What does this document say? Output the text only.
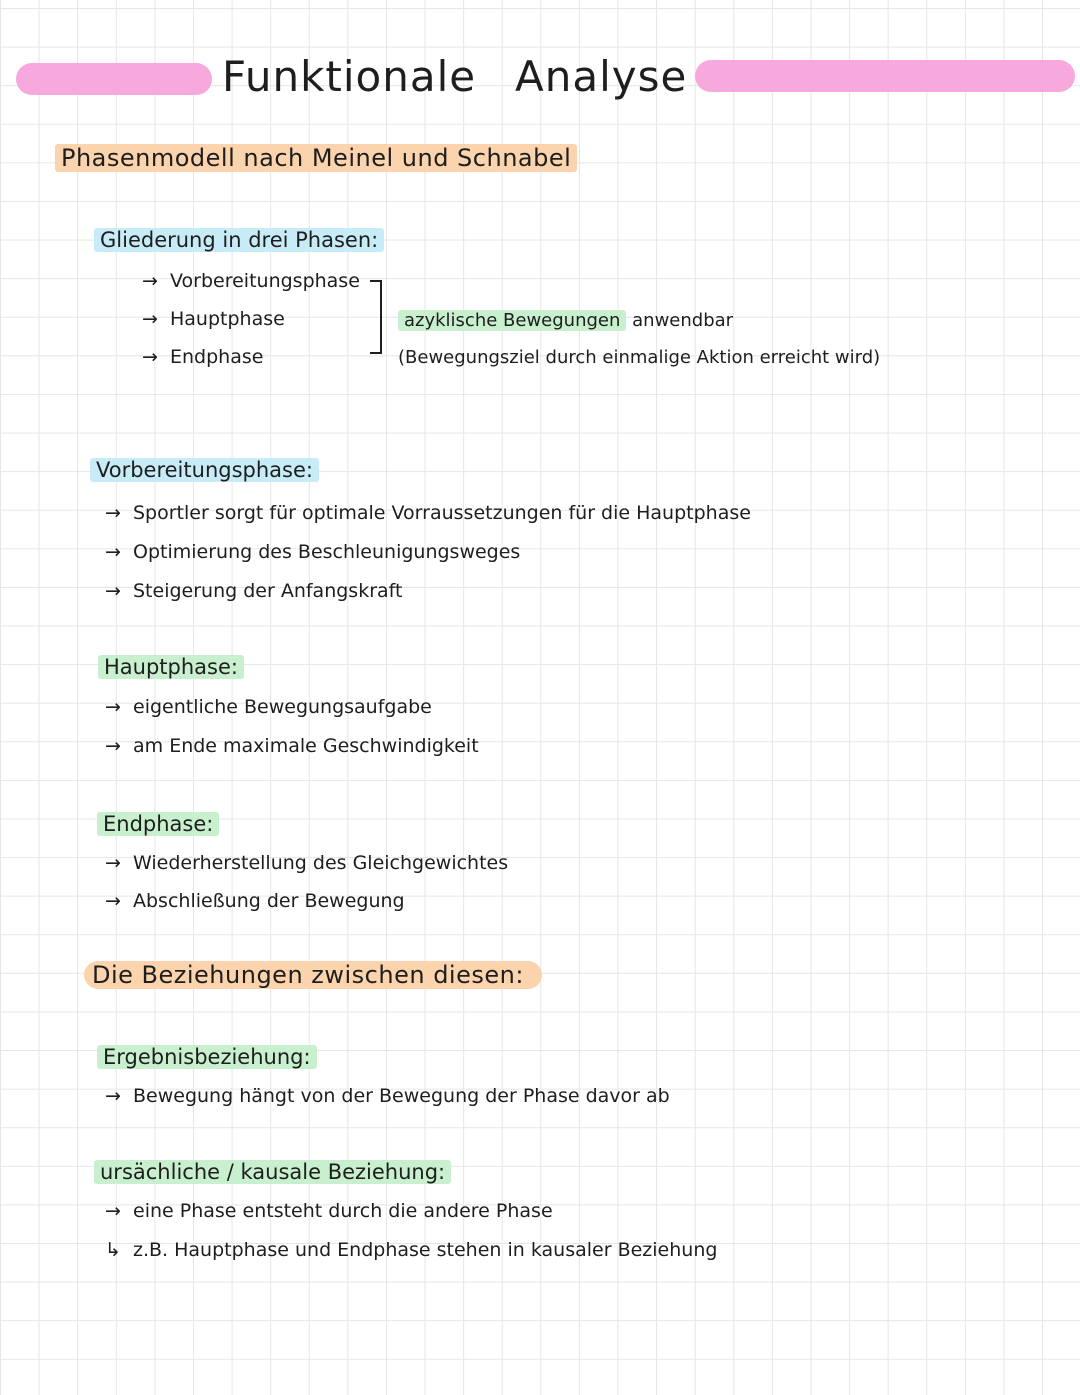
Funktionale Analyse
Phasenmodell nach Meinel und Schnabel
Gliederung in drei Phasen:
→ Vorbereitungsphase
→ Hauptphase
→ Endphase
azyklische Bewegungen anwendbar
(Bewegungsziel durch einmalige Aktion erreicht wird)
Vorbereitungsphase:
→ Sportler sorgt für optimale Vorraussetzungen für die Hauptphase
→ Optimierung des Beschleunigungsweges
→ Steigerung der Anfangskraft
Hauptphase:
→ eigentliche Bewegungsaufgabe
→ am Ende maximale Geschwindigkeit
Endphase:
→ Wiederherstellung des Gleichgewichtes
→ Abschließung der Bewegung
Die Beziehungen zwischen diesen:
Ergebnisbeziehung:
→ Bewegung hängt von der Bewegung der Phase davor ab
ursächliche / kausale Beziehung:
→ eine Phase entsteht durch die andere Phase
↳ z.B. Hauptphase und Endphase stehen in kausaler Beziehung
